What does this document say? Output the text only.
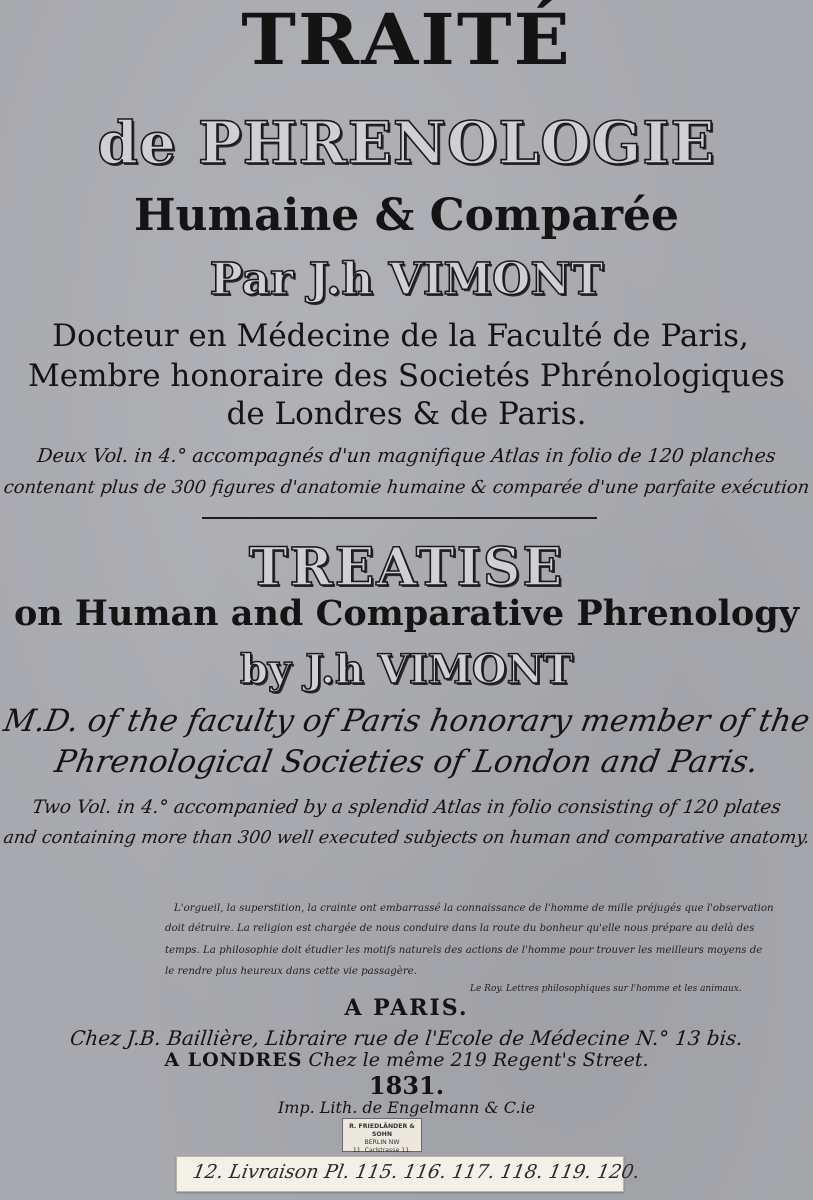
TRAITÉ
de PHRENOLOGIE
Humaine & Comparée
Par J.h VIMONT
Docteur en Médecine de la Faculté de Paris,
Membre honoraire des Societés Phrénologiques
de Londres & de Paris.
Deux Vol. in 4.° accompagnés d'un magnifique Atlas in folio de 120 planches
contenant plus de 300 figures d'anatomie humaine & comparée d'une parfaite exécution
TREATISE
on Human and Comparative Phrenology
by J.h VIMONT
M.D. of the faculty of Paris honorary member of the
Phrenological Societies of London and Paris.
Two Vol. in 4.° accompanied by a splendid Atlas in folio consisting of 120 plates
and containing more than 300 well executed subjects on human and comparative anatomy.
L'orgueil, la superstition, la crainte ont embarrassé la connaissance de l'homme de mille préjugés que l'observation
doit détruire. La religion est chargée de nous conduire dans la route du bonheur qu'elle nous prépare au delà des
temps. La philosophie doit étudier les motifs naturels des actions de l'homme pour trouver les meilleurs moyens de
le rendre plus heureux dans cette vie passagère.
Le Roy. Lettres philosophiques sur l'homme et les animaux.
A PARIS.
Chez J.B. Baillière, Libraire rue de l'Ecole de Médecine N.° 13 bis.
A LONDRES Chez le même 219 Regent's Street.
1831.
Imp. Lith. de Engelmann & C.ie
R. FRIEDLÄNDER & SOHN
BERLIN NW
11. Carlstrasse 11.
12. Livraison Pl. 115. 116. 117. 118. 119. 120.
